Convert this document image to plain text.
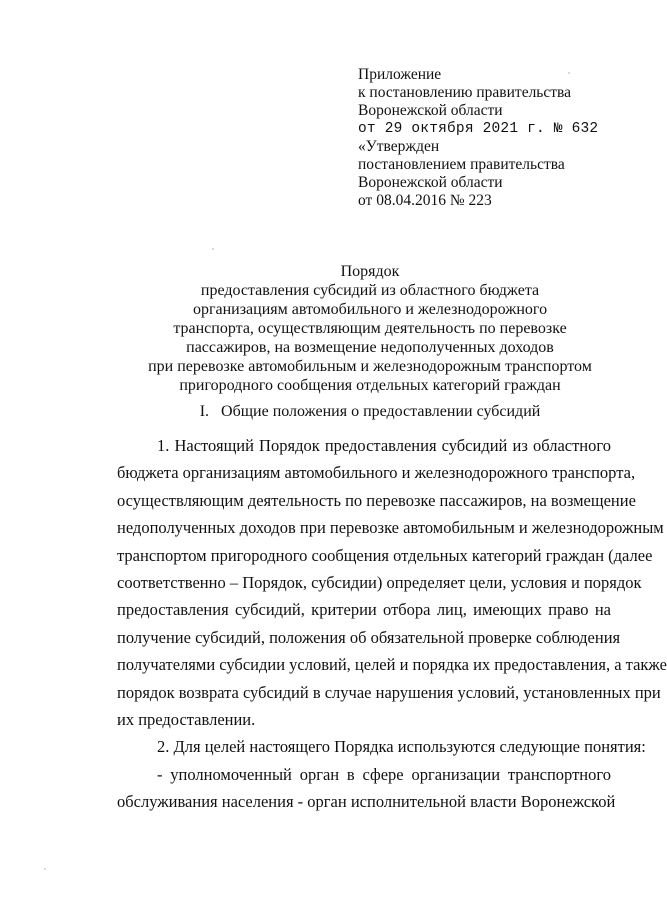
Приложение
к постановлению правительства
Воронежской области
от 29 октября 2021 г. № 632
«Утвержден
постановлением правительства
Воронежской области
от 08.04.2016 № 223
Порядок
предоставления субсидий из областного бюджета
организациям автомобильного и железнодорожного
транспорта, осуществляющим деятельность по перевозке
пассажиров, на возмещение недополученных доходов
при перевозке автомобильным и железнодорожным транспортом
пригородного сообщения отдельных категорий граждан
I.   Общие положения о предоставлении субсидий
1. Настоящий Порядок предоставления субсидий из областного
бюджета организациям автомобильного и железнодорожного транспорта,
осуществляющим деятельность по перевозке пассажиров, на возмещение
недополученных доходов при перевозке автомобильным и железнодорожным
транспортом пригородного сообщения отдельных категорий граждан (далее
соответственно – Порядок, субсидии) определяет цели, условия и порядок
предоставления субсидий, критерии отбора лиц, имеющих право на
получение субсидий, положения об обязательной проверке соблюдения
получателями субсидии условий, целей и порядка их предоставления, а также
порядок возврата субсидий в случае нарушения условий, установленных при
их предоставлении.
2. Для целей настоящего Порядка используются следующие понятия:
- уполномоченный орган в сфере организации транспортного
обслуживания населения - орган исполнительной власти Воронежской
